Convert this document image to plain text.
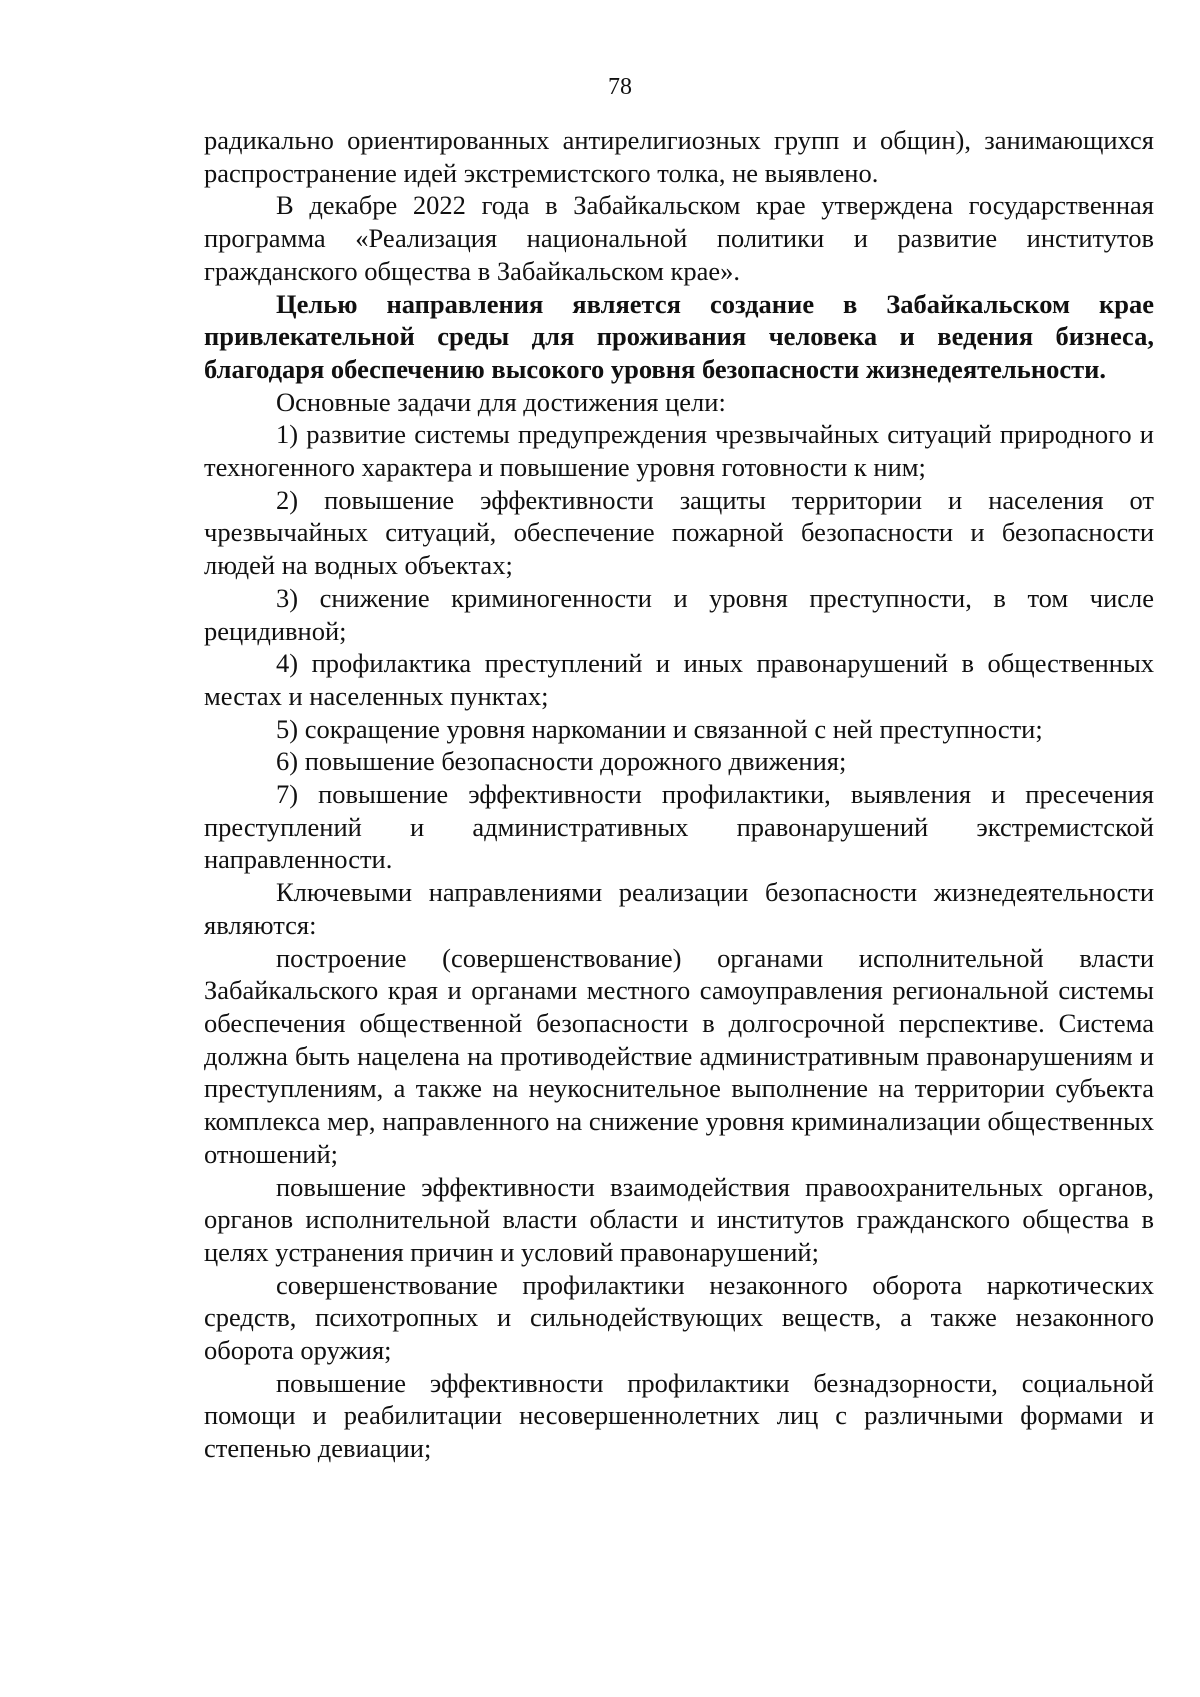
78

радикально ориентированных антирелигиозных групп и общин), занимающихся распространение идей экстремистского толка, не выявлено.

В декабре 2022 года в Забайкальском крае утверждена государственная программа «Реализация национальной политики и развитие институтов гражданского общества в Забайкальском крае».

Целью направления является создание в Забайкальском крае привлекательной среды для проживания человека и ведения бизнеса, благодаря обеспечению высокого уровня безопасности жизнедеятельности.

Основные задачи для достижения цели:

1) развитие системы предупреждения чрезвычайных ситуаций природного и техногенного характера и повышение уровня готовности к ним;

2) повышение эффективности защиты территории и населения от чрезвычайных ситуаций, обеспечение пожарной безопасности и безопасности людей на водных объектах;

3) снижение криминогенности и уровня преступности, в том числе рецидивной;

4) профилактика преступлений и иных правонарушений в общественных местах и населенных пунктах;

5) сокращение уровня наркомании и связанной с ней преступности;

6) повышение безопасности дорожного движения;

7) повышение эффективности профилактики, выявления и пресечения преступлений и административных правонарушений экстремистской направленности.

Ключевыми направлениями реализации безопасности жизнедеятельности являются:

построение (совершенствование) органами исполнительной власти Забайкальского края и органами местного самоуправления региональной системы обеспечения общественной безопасности в долгосрочной перспективе. Система должна быть нацелена на противодействие административным правонарушениям и преступлениям, а также на неукоснительное выполнение на территории субъекта комплекса мер, направленного на снижение уровня криминализации общественных отношений;

повышение эффективности взаимодействия правоохранительных органов, органов исполнительной власти области и институтов гражданского общества в целях устранения причин и условий правонарушений;

совершенствование профилактики незаконного оборота наркотических средств, психотропных и сильнодействующих веществ, а также незаконного оборота оружия;

повышение эффективности профилактики безнадзорности, социальной помощи и реабилитации несовершеннолетних лиц с различными формами и степенью девиации;
